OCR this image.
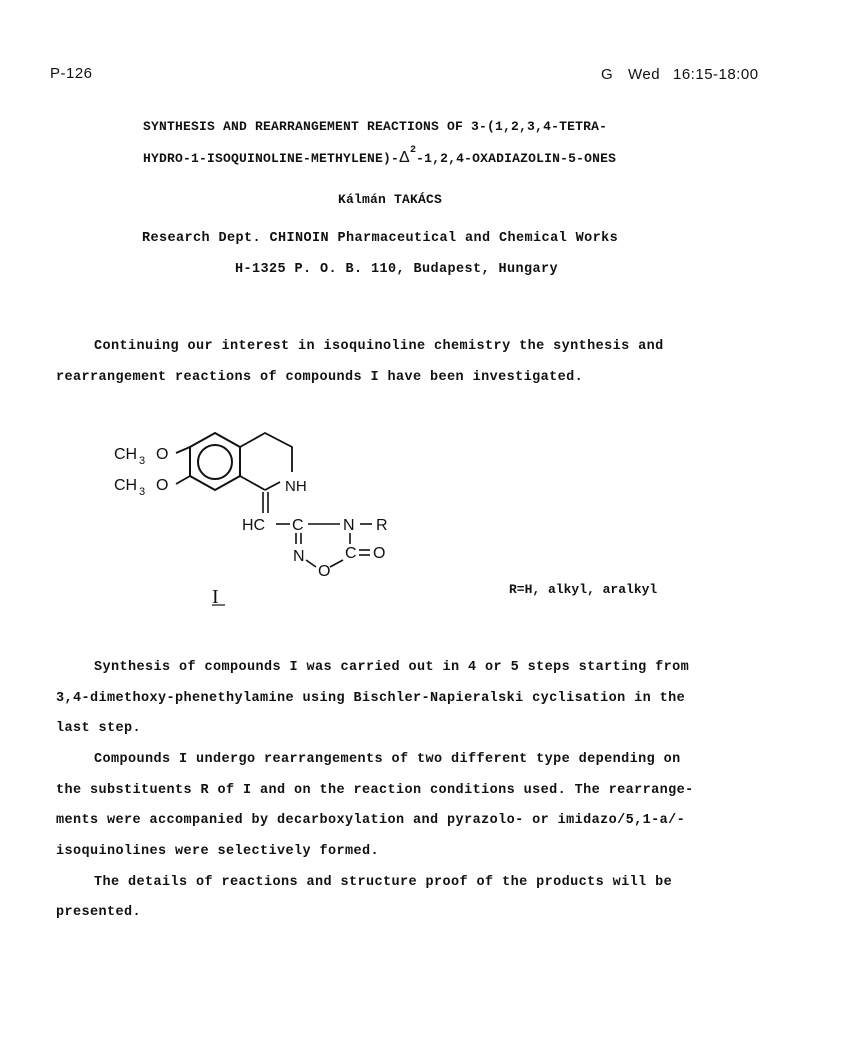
P-126	G Wed 16:15-18:00
SYNTHESIS AND REARRANGEMENT REACTIONS OF 3-(1,2,3,4-TETRA-
HYDRO-$1-ISOQUINOLINE-METHYLENE)-\Delta^2-1,2,4-OXADIAZOLIN-5$-ONES
Kálmán TAKÁCS
Research Dept. CHINOIN Pharmaceutical and Chemical Works
H-1325 P. O. B. 110, Budapest, Hungary
Continuing our interest in isoquinoline chemistry the synthesis and
rearrangement reactions of compounds I have been investigated.
CH 3 O
CH 3 O	NH
HC C N R
N
O
C O
I	R=H, alkyl, aralkyl
Synthesis of compounds I was carried out in 4 or 5 steps starting from
3,4-dimethoxy-phenethylamine using Bischler-Napieralski cyclisation in the
last step.
Compounds I undergo rearrangements of two different type depending on
the substituents R of I and on the reaction conditions used. The rearrange-
ments were accompanied by decarboxylation and pyrazolo- or imidazo/5,1-a/-
isoquinolines were selectively formed.
The details of reactions and structure proof of the products will be
presented.
